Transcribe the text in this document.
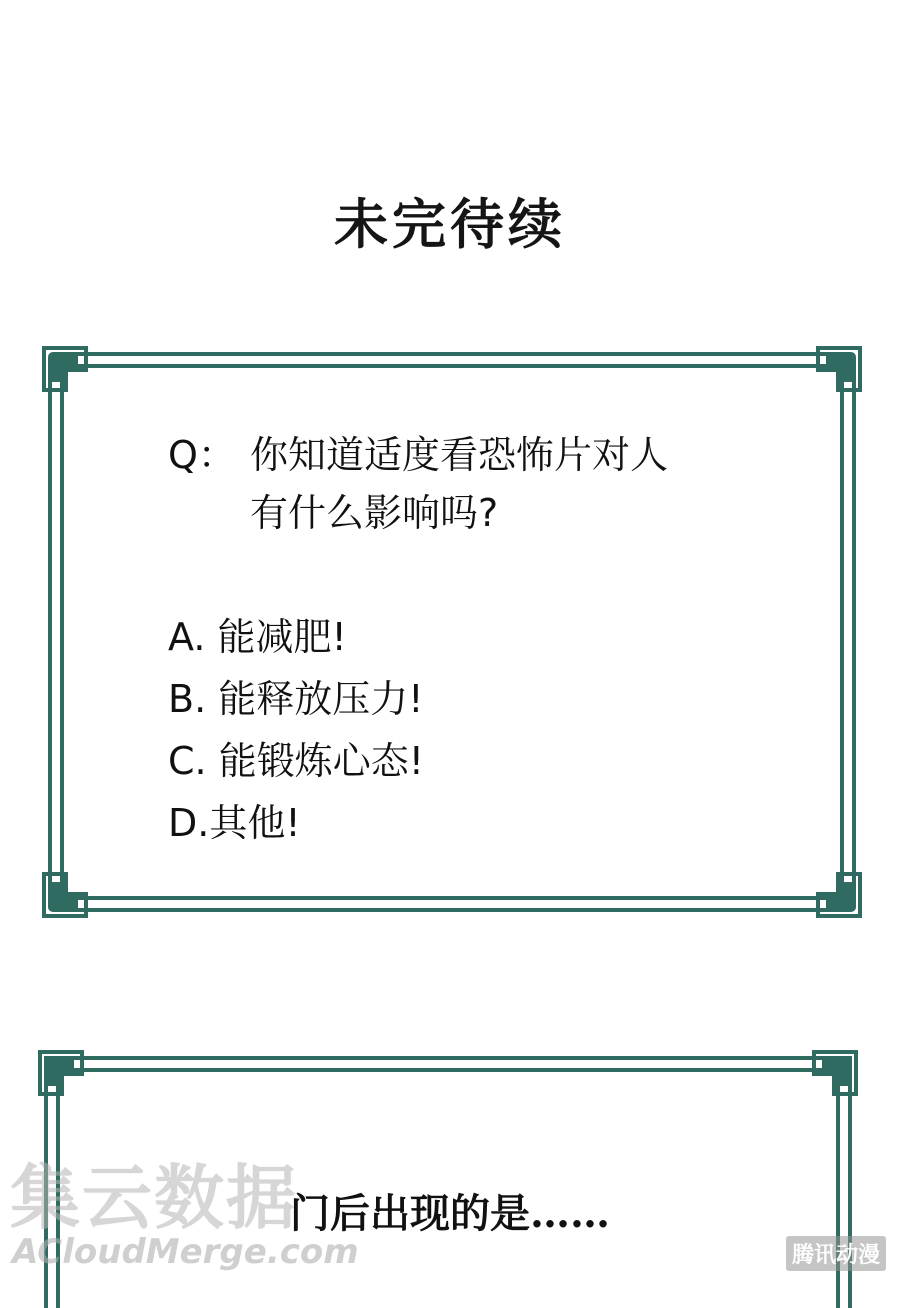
未完待续
Q： 你知道适度看恐怖片对人
有什么影响吗?
A. 能减肥!
B. 能释放压力!
C. 能锻炼心态!
D.其他!
门后出现的是……
集云数据
ACloudMerge.com	腾讯动漫
